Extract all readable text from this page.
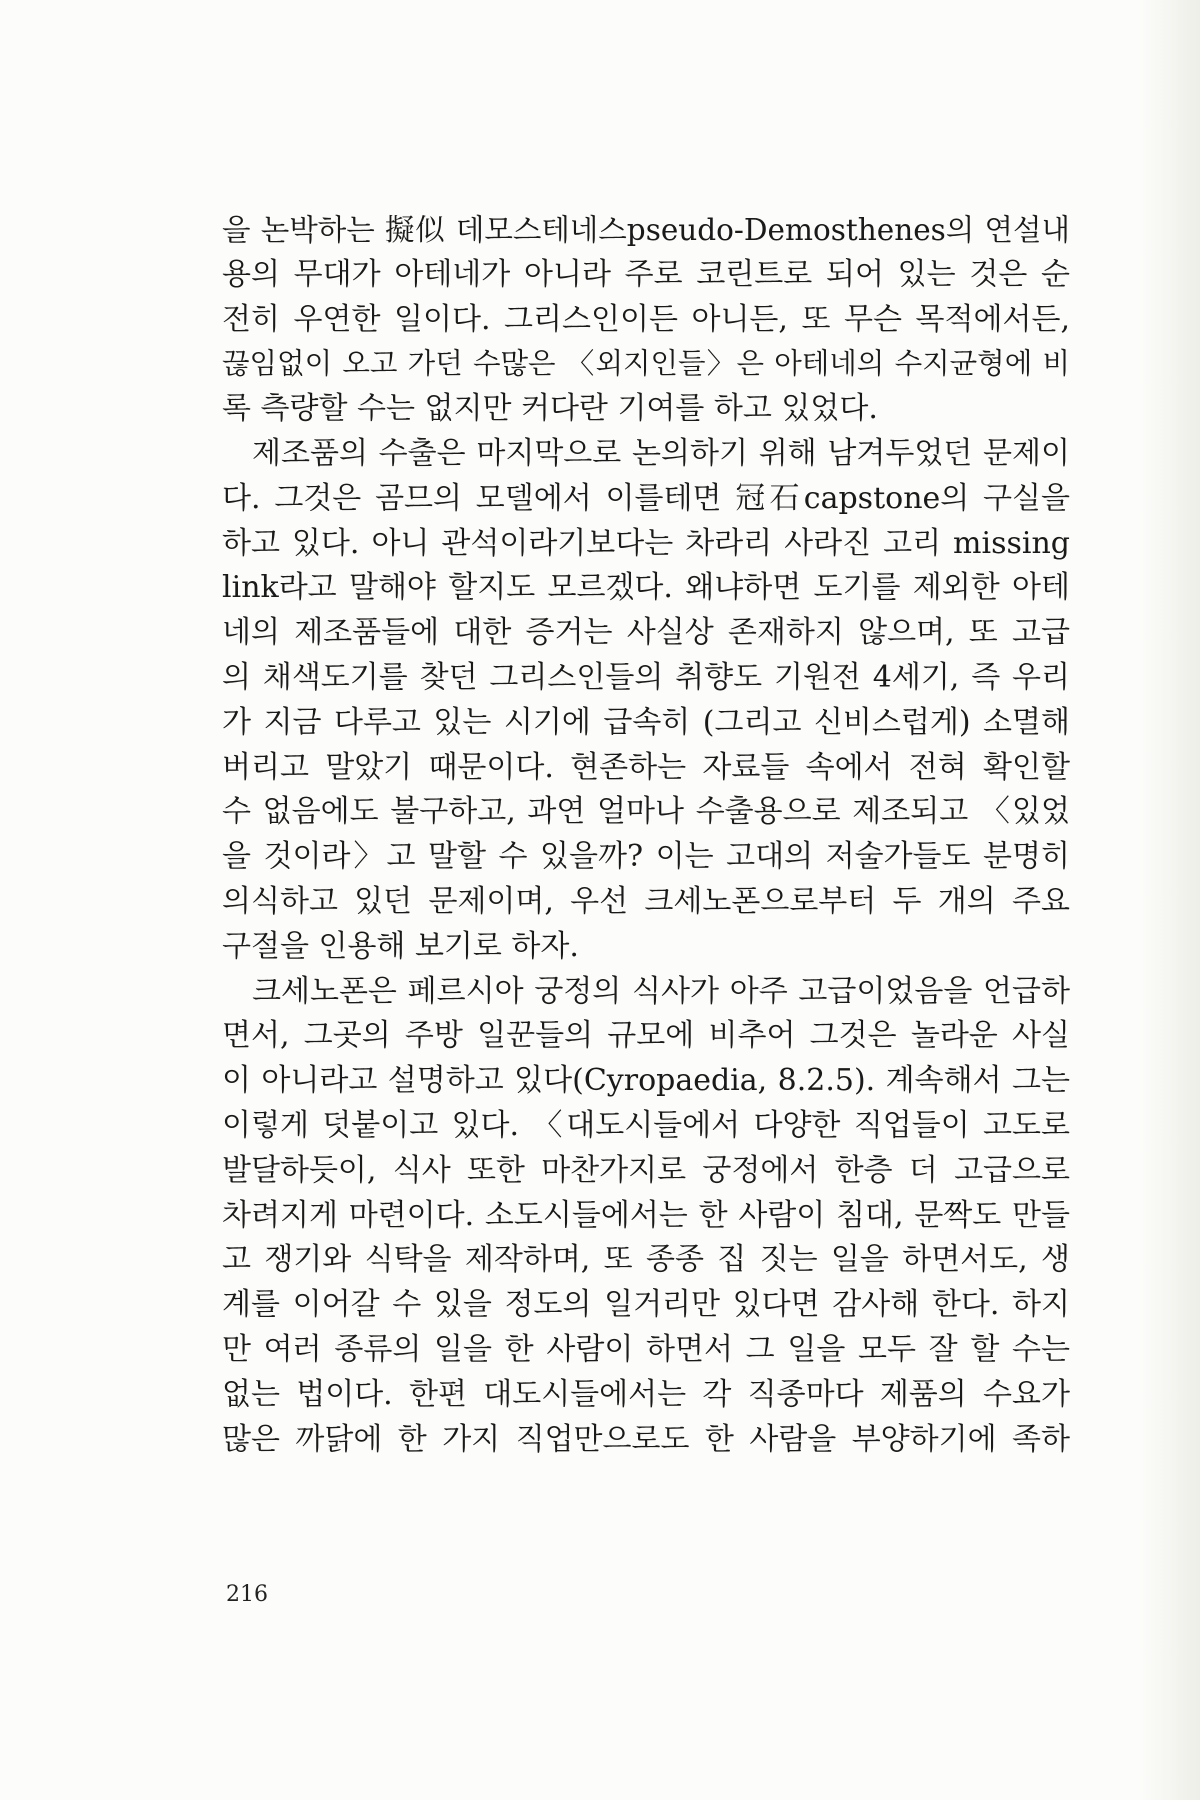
을 논박하는 擬似 데모스테네스pseudo-Demosthenes의 연설내
용의 무대가 아테네가 아니라 주로 코린트로 되어 있는 것은 순
전히 우연한 일이다. 그리스인이든 아니든, 또 무슨 목적에서든,
끊임없이 오고 가던 수많은 〈외지인들〉은 아테네의 수지균형에 비
록 측량할 수는 없지만 커다란 기여를 하고 있었다.
제조품의 수출은 마지막으로 논의하기 위해 남겨두었던 문제이
다. 그것은 곰므의 모델에서 이를테면 冠石capstone의 구실을
하고 있다. 아니 관석이라기보다는 차라리 사라진 고리 missing
link라고 말해야 할지도 모르겠다. 왜냐하면 도기를 제외한 아테
네의 제조품들에 대한 증거는 사실상 존재하지 않으며, 또 고급
의 채색도기를 찾던 그리스인들의 취향도 기원전 4세기, 즉 우리
가 지금 다루고 있는 시기에 급속히 (그리고 신비스럽게) 소멸해
버리고 말았기 때문이다. 현존하는 자료들 속에서 전혀 확인할
수 없음에도 불구하고, 과연 얼마나 수출용으로 제조되고 〈있었
을 것이라〉고 말할 수 있을까? 이는 고대의 저술가들도 분명히
의식하고 있던 문제이며, 우선 크세노폰으로부터 두 개의 주요
구절을 인용해 보기로 하자.
크세노폰은 페르시아 궁정의 식사가 아주 고급이었음을 언급하
면서, 그곳의 주방 일꾼들의 규모에 비추어 그것은 놀라운 사실
이 아니라고 설명하고 있다(Cyropaedia, 8.2.5). 계속해서 그는
이렇게 덧붙이고 있다. 〈대도시들에서 다양한 직업들이 고도로
발달하듯이, 식사 또한 마찬가지로 궁정에서 한층 더 고급으로
차려지게 마련이다. 소도시들에서는 한 사람이 침대, 문짝도 만들
고 쟁기와 식탁을 제작하며, 또 종종 집 짓는 일을 하면서도, 생
계를 이어갈 수 있을 정도의 일거리만 있다면 감사해 한다. 하지
만 여러 종류의 일을 한 사람이 하면서 그 일을 모두 잘 할 수는
없는 법이다. 한편 대도시들에서는 각 직종마다 제품의 수요가
많은 까닭에 한 가지 직업만으로도 한 사람을 부양하기에 족하
216
